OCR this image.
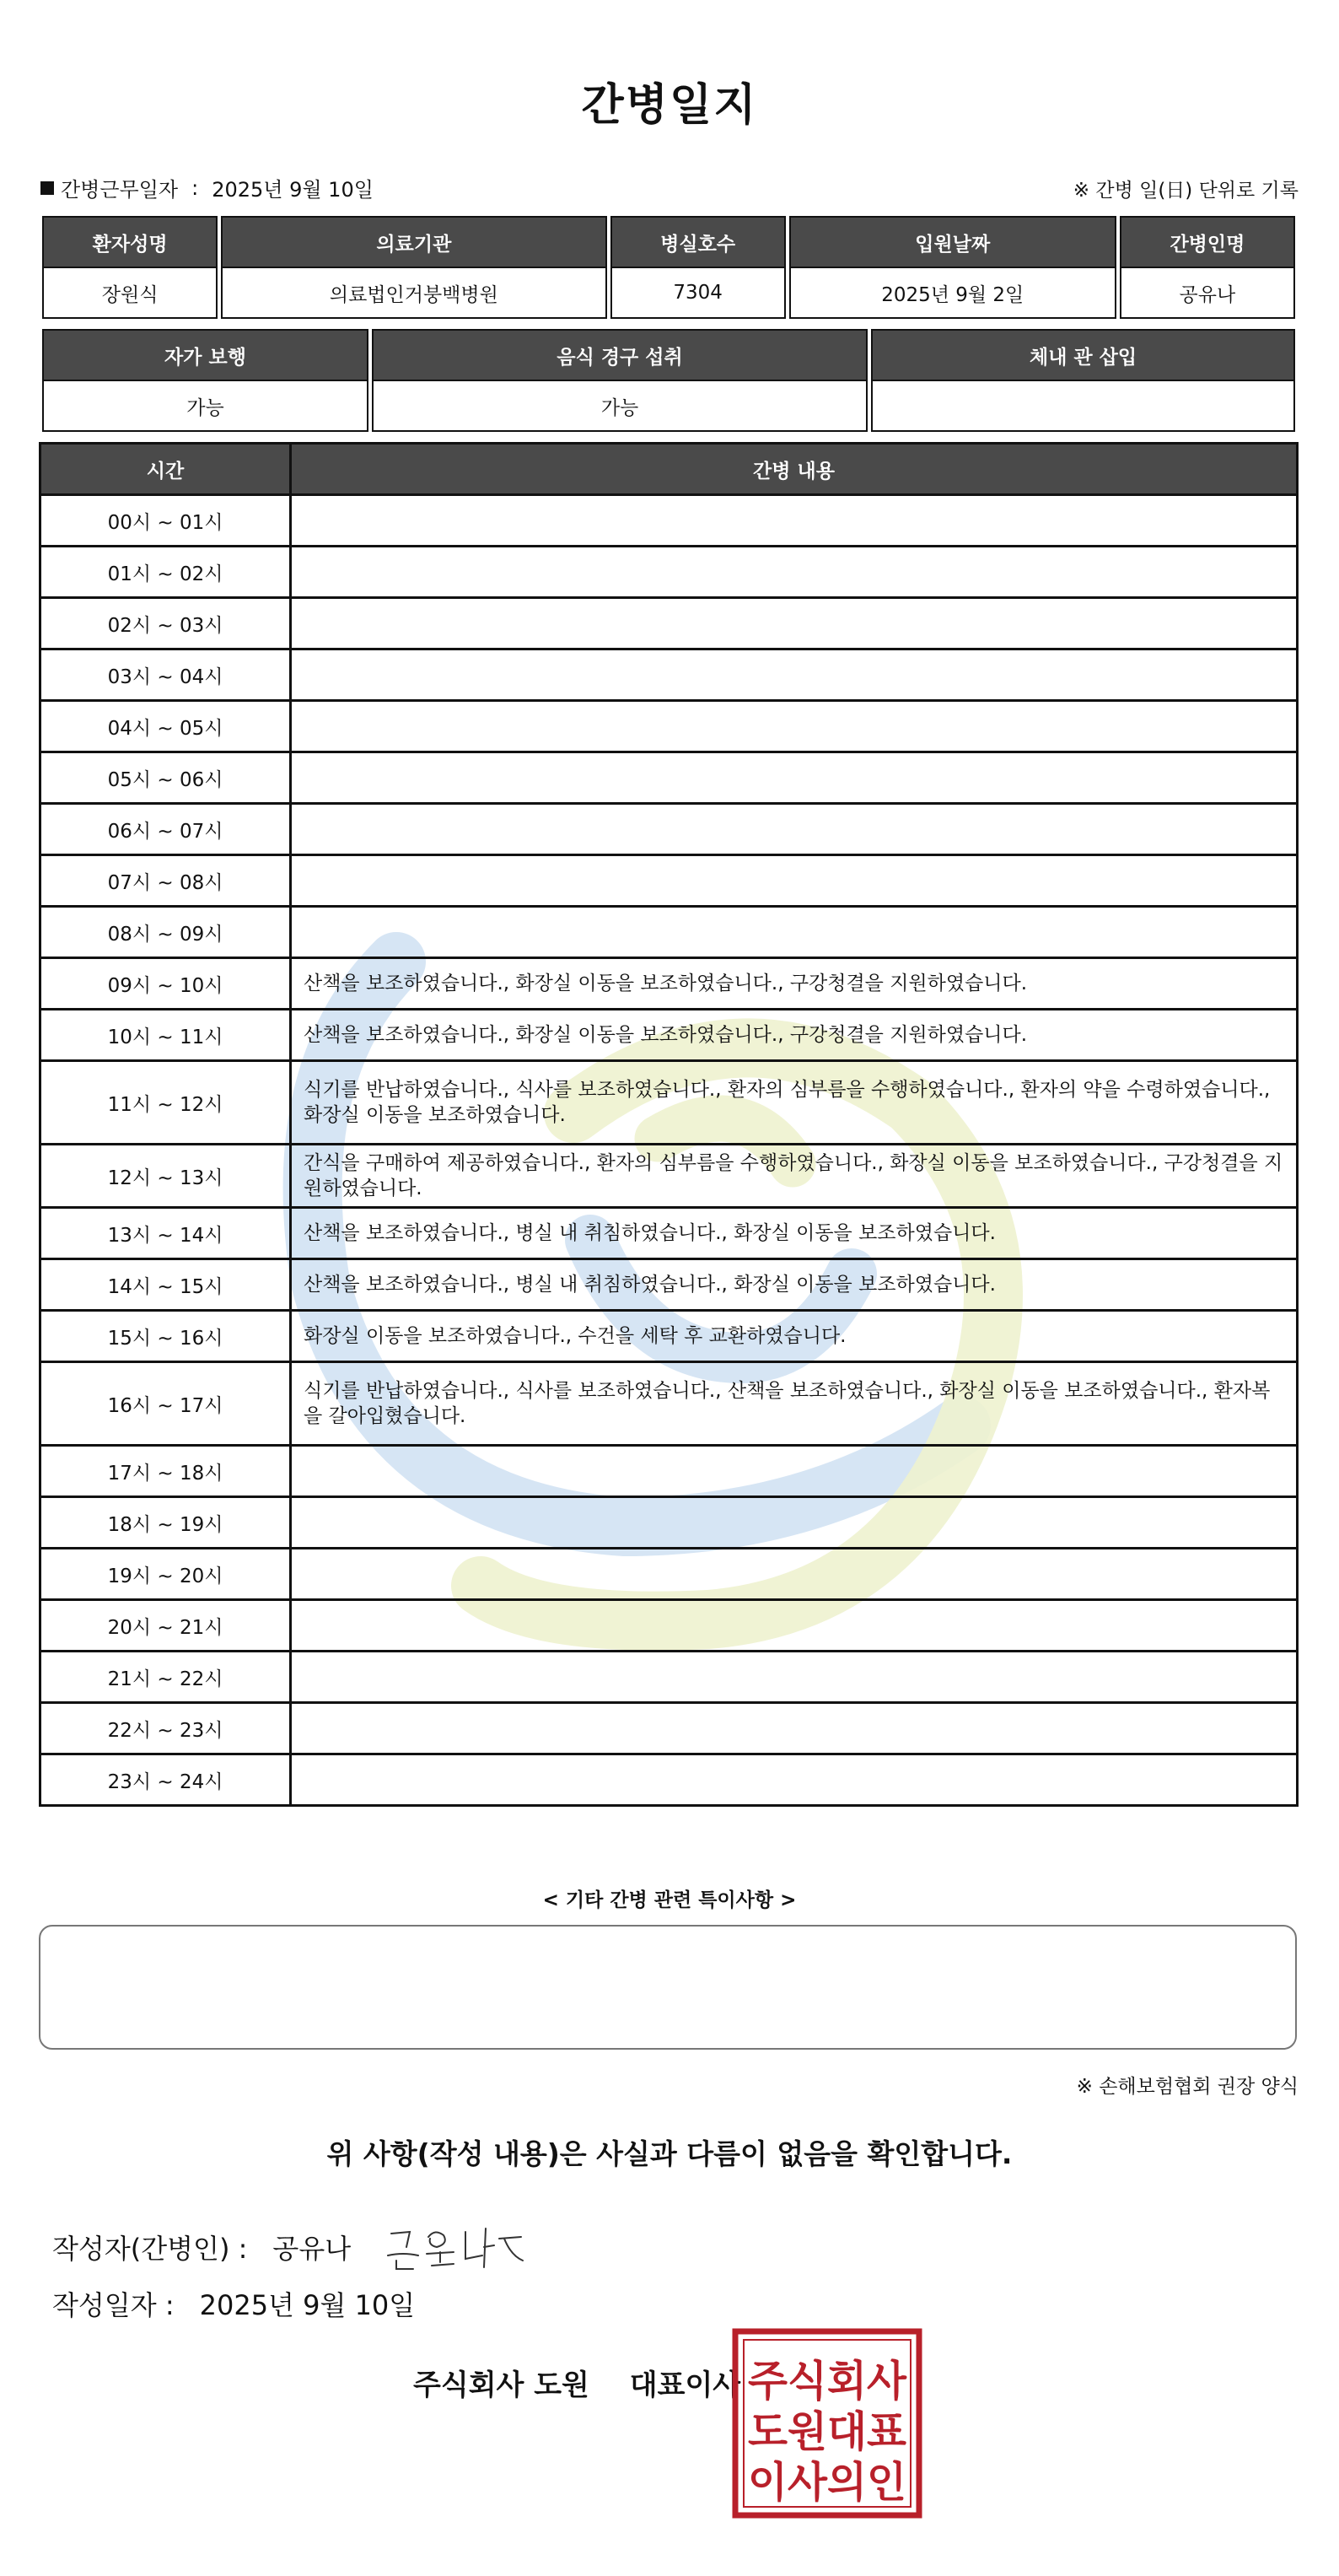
간병일지
간병근무일자 : 2025년 9월 10일	※ 간병 일(日) 단위로 기록
환자성명	의료기관	병실호수	입원날짜	간병인명
장원식	의료법인거붕백병원	7304	2025년 9월 2일	공유나
자가 보행	음식 경구 섭취	체내 관 삽입
가능	가능	
시간	간병 내용
00시 ~ 01시	
01시 ~ 02시	
02시 ~ 03시	
03시 ~ 04시	
04시 ~ 05시	
05시 ~ 06시	
06시 ~ 07시	
07시 ~ 08시	
08시 ~ 09시	
09시 ~ 10시	산책을 보조하였습니다., 화장실 이동을 보조하였습니다., 구강청결을 지원하였습니다.
10시 ~ 11시	산책을 보조하였습니다., 화장실 이동을 보조하였습니다., 구강청결을 지원하였습니다.
11시 ~ 12시	식기를 반납하였습니다., 식사를 보조하였습니다., 환자의 심부름을 수행하였습니다., 환자의 약을 수령하였습니다., 화장실 이동을 보조하였습니다.
12시 ~ 13시	간식을 구매하여 제공하였습니다., 환자의 심부름을 수행하였습니다., 화장실 이동을 보조하였습니다., 구강청결을 지원하였습니다.
13시 ~ 14시	산책을 보조하였습니다., 병실 내 취침하였습니다., 화장실 이동을 보조하였습니다.
14시 ~ 15시	산책을 보조하였습니다., 병실 내 취침하였습니다., 화장실 이동을 보조하였습니다.
15시 ~ 16시	화장실 이동을 보조하였습니다., 수건을 세탁 후 교환하였습니다.
16시 ~ 17시	식기를 반납하였습니다., 식사를 보조하였습니다., 산책을 보조하였습니다., 화장실 이동을 보조하였습니다., 환자복을 갈아입혔습니다.
17시 ~ 18시	
18시 ~ 19시	
19시 ~ 20시	
20시 ~ 21시	
21시 ~ 22시	
22시 ~ 23시	
23시 ~ 24시	
< 기타 간병 관련 특이사항 >
※ 손해보험협회 권장 양식
위 사항(작성 내용)은 사실과 다름이 없음을 확인합니다.
작성자(간병인) : 공유나
작성일자 : 2025년 9월 10일
주식회사 도원 대표이사 주식회사
도원대표
이사의인
